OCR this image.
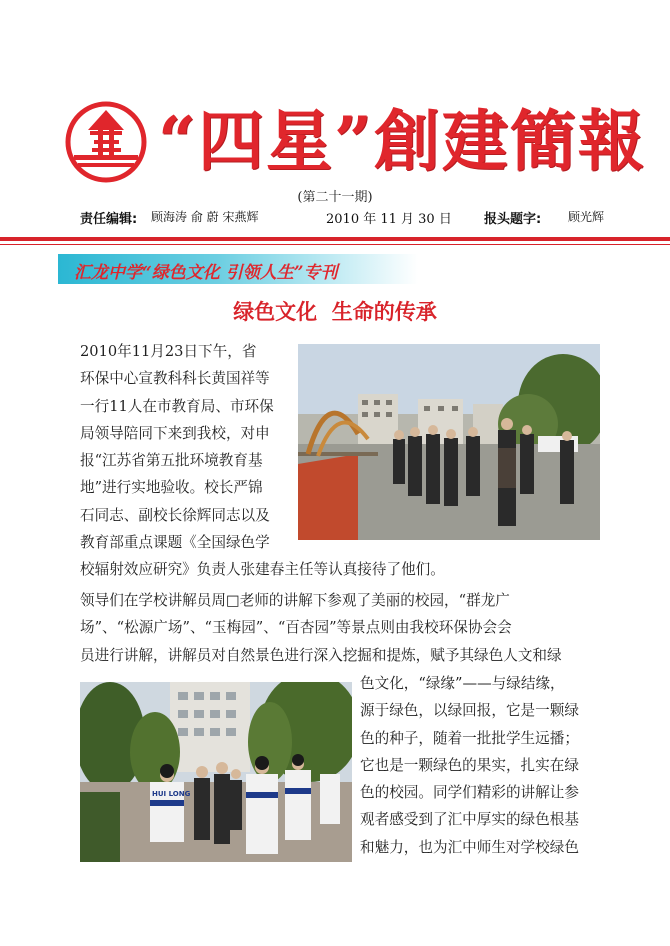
“四星”創建簡報
(第二十一期)
责任编辑: 顾海涛 俞 蔚 宋燕辉	2010 年 11 月 30 日 报头题字: 顾光辉
汇龙中学“绿色文化 引领人生”专刊
绿色文化  生命的传承
2010年11月23日下午，省
环保中心宣教科科长黄国祥等
一行11人在市教育局、市环保
局领导陪同下来到我校，对申
报“江苏省第五批环境教育基
地”进行实地验收。校长严锦
石同志、副校长徐辉同志以及
教育部重点课题《全国绿色学
校辐射效应研究》负责人张建春主任等认真接待了他们。
领导们在学校讲解员周□老师的讲解下参观了美丽的校园，“群龙广
场”、“松源广场”、“玉梅园”、“百杏园”等景点则由我校环保协会会
员进行讲解，讲解员对自然景色进行深入挖掘和提炼，赋予其绿色人文和绿
HUI LONG
色文化，“绿缘”——与绿结缘，
源于绿色，以绿回报，它是一颗绿
色的种子，随着一批批学生远播；
它也是一颗绿色的果实，扎实在绿
色的校园。同学们精彩的讲解让参
观者感受到了汇中厚实的绿色根基
和魅力，也为汇中师生对学校绿色
